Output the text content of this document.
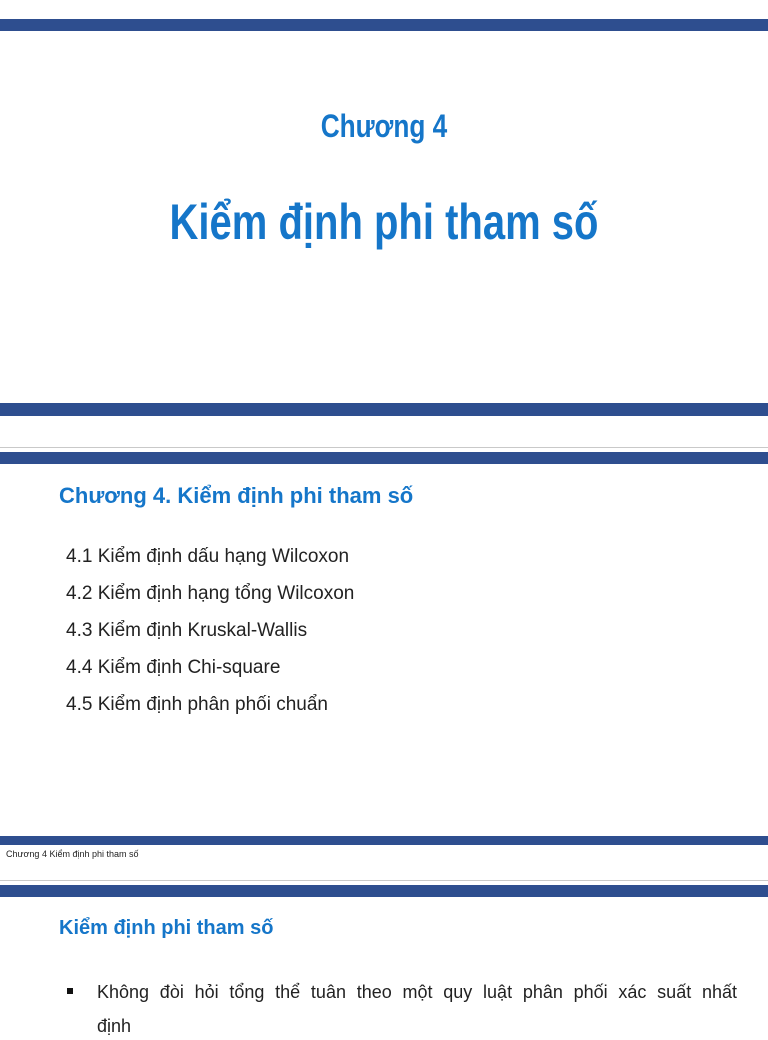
Chương 4
Kiểm định phi tham số
Chương 4. Kiểm định phi tham số
4.1 Kiểm định dấu hạng Wilcoxon
4.2 Kiểm định hạng tổng Wilcoxon
4.3 Kiểm định Kruskal-Wallis
4.4 Kiểm định Chi-square
4.5 Kiểm định phân phối chuẩn
Chương 4 Kiểm định phi tham số
Kiểm định phi tham số
Không đòi hỏi tổng thể tuân theo một quy luật phân phối xác suất nhất
định
